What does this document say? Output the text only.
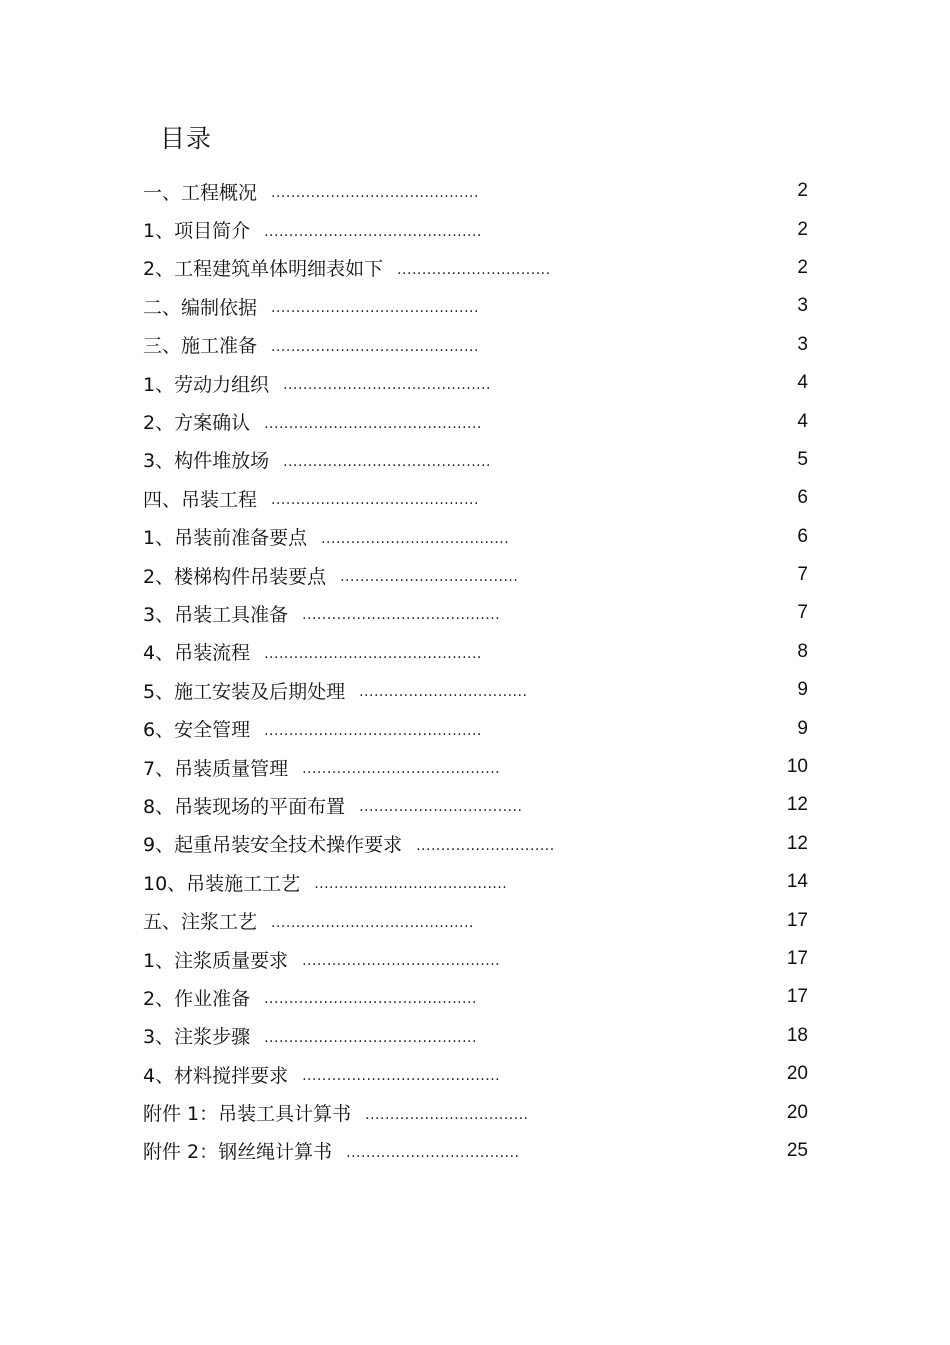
目录
一、工程概况 ..........................................	2
1、项目简介 ............................................	2
2、工程建筑单体明细表如下 ...............................	2
二、编制依据 ..........................................	3
三、施工准备 ..........................................	3
1、劳动力组织 ..........................................	4
2、方案确认 ............................................	4
3、构件堆放场 ..........................................	5
四、吊装工程 ..........................................	6
1、吊装前准备要点 ......................................	6
2、楼梯构件吊装要点 ....................................	7
3、吊装工具准备 ........................................	7
4、吊装流程 ............................................	8
5、施工安装及后期处理 ..................................	9
6、安全管理 ............................................	9
7、吊装质量管理 ........................................	10
8、吊装现场的平面布置 .................................	12
9、起重吊装安全技术操作要求 ............................	12
10、吊装施工工艺 .......................................	14
五、注浆工艺 .........................................	17
1、注浆质量要求 ........................................	17
2、作业准备 ...........................................	17
3、注浆步骤 ...........................................	18
4、材料搅拌要求 ........................................	20
附件 1：吊装工具计算书 .................................	20
附件 2：钢丝绳计算书 ...................................	25
